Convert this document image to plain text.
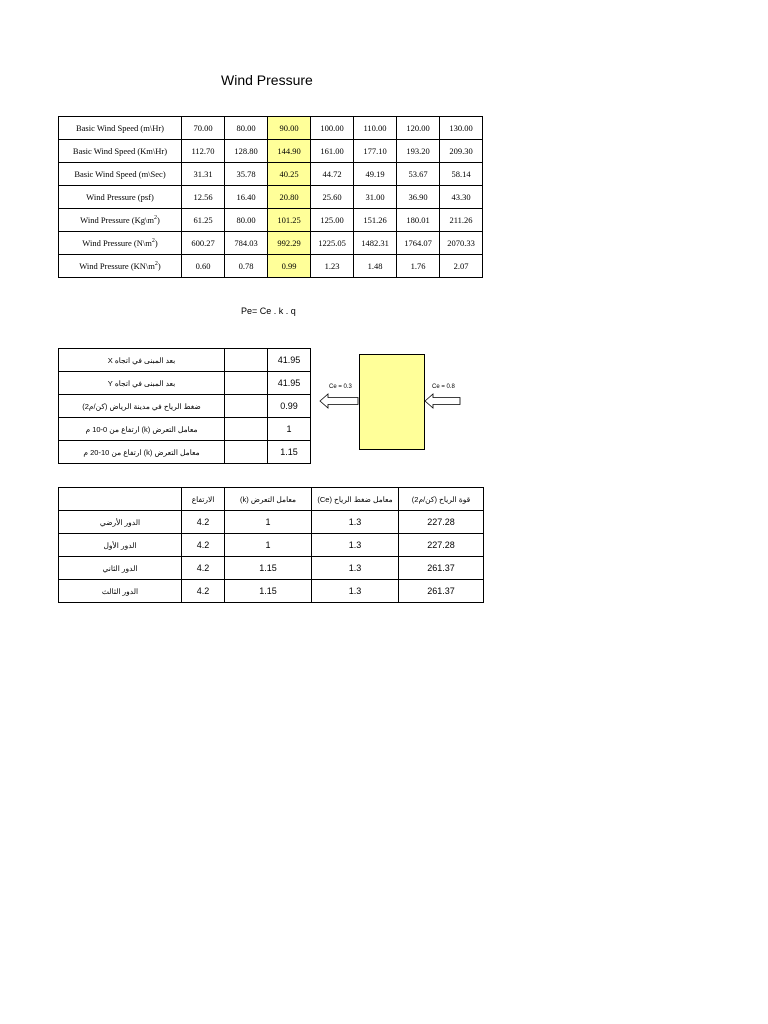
Wind Pressure
Basic Wind Speed (m\Hr)	70.00	80.00	90.00	100.00	110.00	120.00	130.00
Basic Wind Speed (Km\Hr)	112.70	128.80	144.90	161.00	177.10	193.20	209.30
Basic Wind Speed (m\Sec)	31.31	35.78	40.25	44.72	49.19	53.67	58.14
Wind Pressure (psf)	12.56	16.40	20.80	25.60	31.00	36.90	43.30
Wind Pressure $(Kg\backslash m^2)$	61.25	80.00	101.25	125.00	151.26	180.01	211.26
Wind Pressure $(N\backslash m^2)$	600.27	784.03	992.29	1225.05	1482.31	1764.07	2070.33
Wind Pressure $(KN\backslash m^2)$	0.60	0.78	0.99	1.23	1.48	1.76	2.07
Pe= Ce . k . q
بعد المبنى في اتجاه X		41.95
بعد المبنى في اتجاه Y		41.95
ضغط الرياح في مدينة الرياض (كن/م2)		0.99
معامل التعرض (k) ارتفاع من 0-10 م		1
معامل التعرض (k) ارتفاع من 10-20 م		1.15
Ce = 0.3	Ce = 0.8
	الارتفاع	معامل التعرض (k)	معامل ضغط الرياح (Ce)	قوة الرياح (كن/م2)
الدور الأرضي	4.2	1	1.3	227.28
الدور الأول	4.2	1	1.3	227.28
الدور الثاني	4.2	1.15	1.3	261.37
الدور الثالث	4.2	1.15	1.3	261.37
